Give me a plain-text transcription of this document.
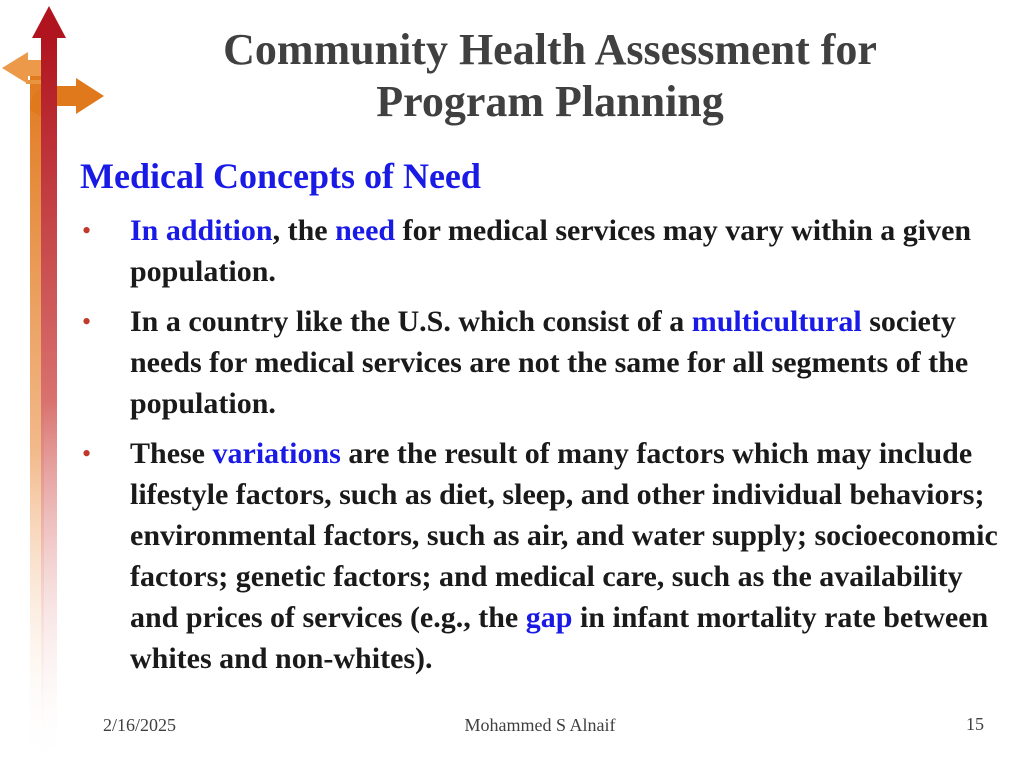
Community Health Assessment for
Program Planning
Medical Concepts of Need
• In addition, the need for medical services may vary within a given population.
• In a country like the U.S. which consist of a multicultural society needs for medical services are not the same for all segments of the population.
• These variations are the result of many factors which may include lifestyle factors, such as diet, sleep, and other individual behaviors; environmental factors, such as air, and water supply; socioeconomic factors; genetic factors; and medical care, such as the availability and prices of services (e.g., the gap in infant mortality rate between whites and non-whites).
2/16/2025	Mohammed S Alnaif	15
